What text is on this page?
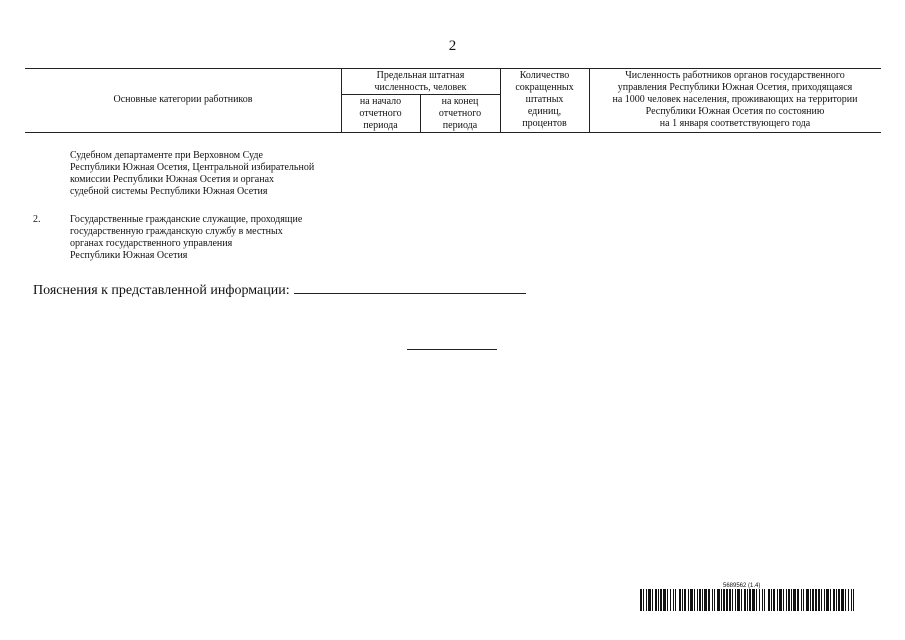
2
Основные категории работников
Предельная штатная
численность, человек
на начало
отчетного
периода
на конец
отчетного
периода
Количество
сокращенных
штатных
единиц,
процентов
Численность работников органов государственного
управления Республики Южная Осетия, приходящаяся
на 1000 человек населения, проживающих на территории
Республики Южная Осетия по состоянию
на 1 января соответствующего года
Судебном департаменте при Верховном Суде
Республики Южная Осетия, Центральной избирательной
комиссии Республики Южная Осетия и органах
судебной системы Республики Южная Осетия
2.	Государственные гражданские служащие, проходящие
государственную гражданскую службу в местных
органах государственного управления
Республики Южная Осетия
Пояснения к представленной информации:
5689562 (1.4)
